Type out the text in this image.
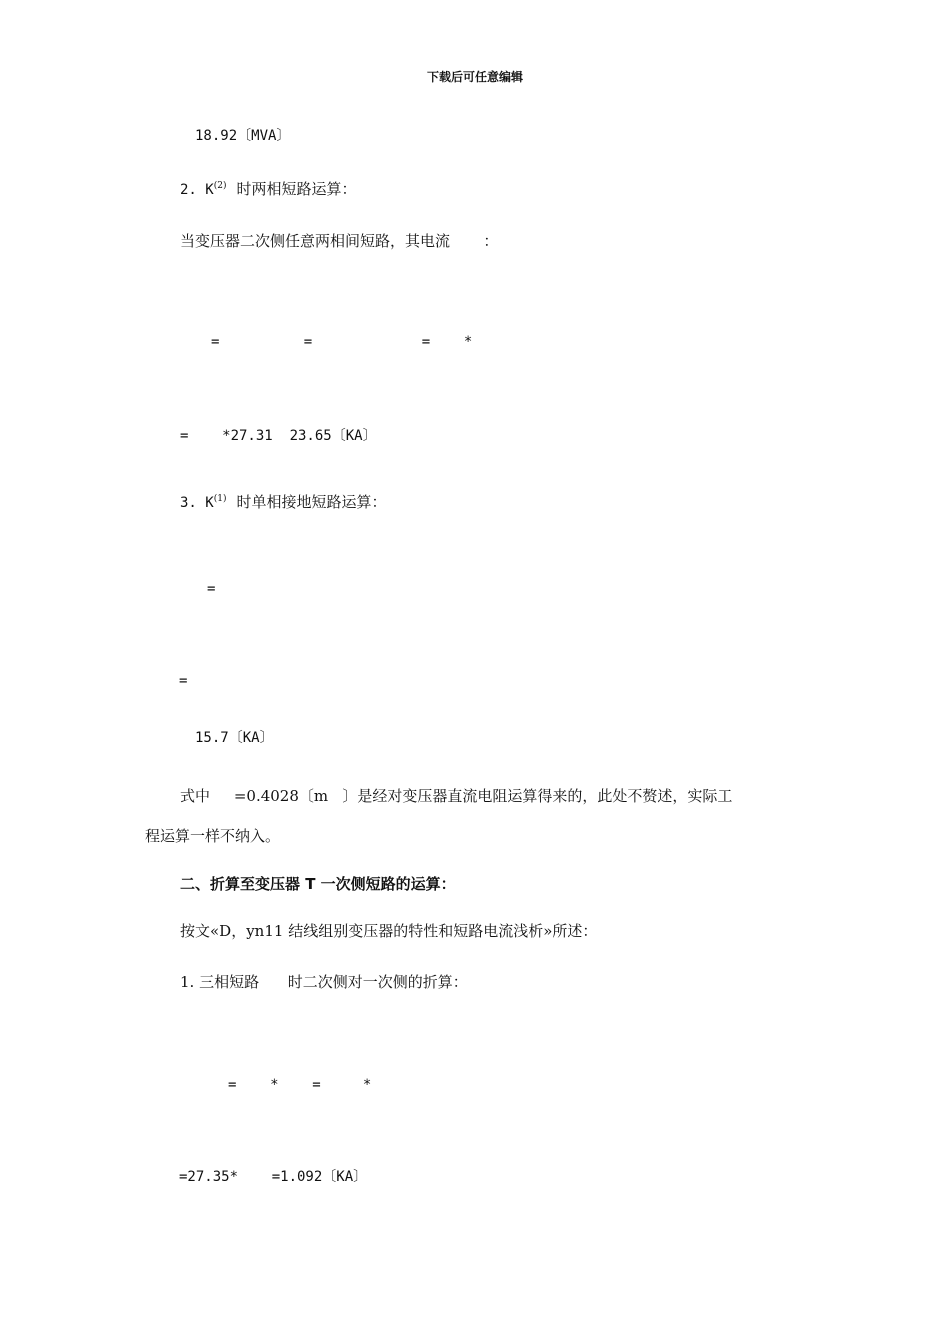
下载后可任意编辑
18.92〔MVA〕
2. $K^{(2)}$ 时两相短路运算：
当变压器二次侧任意两相间短路，其电流       ：
=          =             =    *
=    *27.31  23.65〔KA〕
3. $K^{(1)}$ 时单相接地短路运算：
=
=
15.7〔KA〕
式中     =0.4028〔m   〕是经对变压器直流电阻运算得来的，此处不赘述，实际工
程运算一样不纳入。
二、折算至变压器 T 一次侧短路的运算：
按文«D，yn11 结线组别变压器的特性和短路电流浅析»所述：
1. 三相短路      时二次侧对一次侧的折算：
=    *    =     *
=27.35*    =1.092〔KA〕
